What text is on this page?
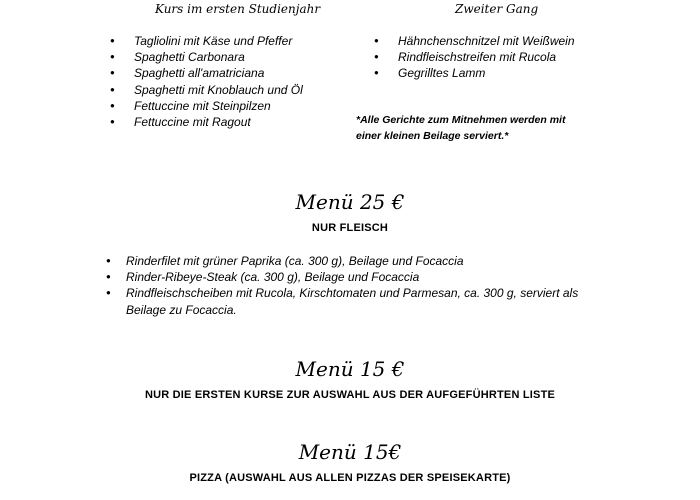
Kurs im ersten Studienjahr
● Tagliolini mit Käse und Pfeffer
● Spaghetti Carbonara
● Spaghetti all'amatriciana
● Spaghetti mit Knoblauch und Öl
● Fettuccine mit Steinpilzen
● Fettuccine mit Ragout
Zweiter Gang
● Hähnchenschnitzel mit Weißwein
● Rindfleischstreifen mit Rucola
● Gegrilltes Lamm
*Alle Gerichte zum Mitnehmen werden mit
einer kleinen Beilage serviert.*
Menü 25 €
NUR FLEISCH
● Rinderfilet mit grüner Paprika (ca. 300 g), Beilage und Focaccia
● Rinder-Ribeye-Steak (ca. 300 g), Beilage und Focaccia
● Rindfleischscheiben mit Rucola, Kirschtomaten und Parmesan, ca. 300 g, serviert als
Beilage zu Focaccia.
Menü 15 €
NUR DIE ERSTEN KURSE ZUR AUSWAHL AUS DER AUFGEFÜHRTEN LISTE
Menü 15€
PIZZA (AUSWAHL AUS ALLEN PIZZAS DER SPEISEKARTE)
